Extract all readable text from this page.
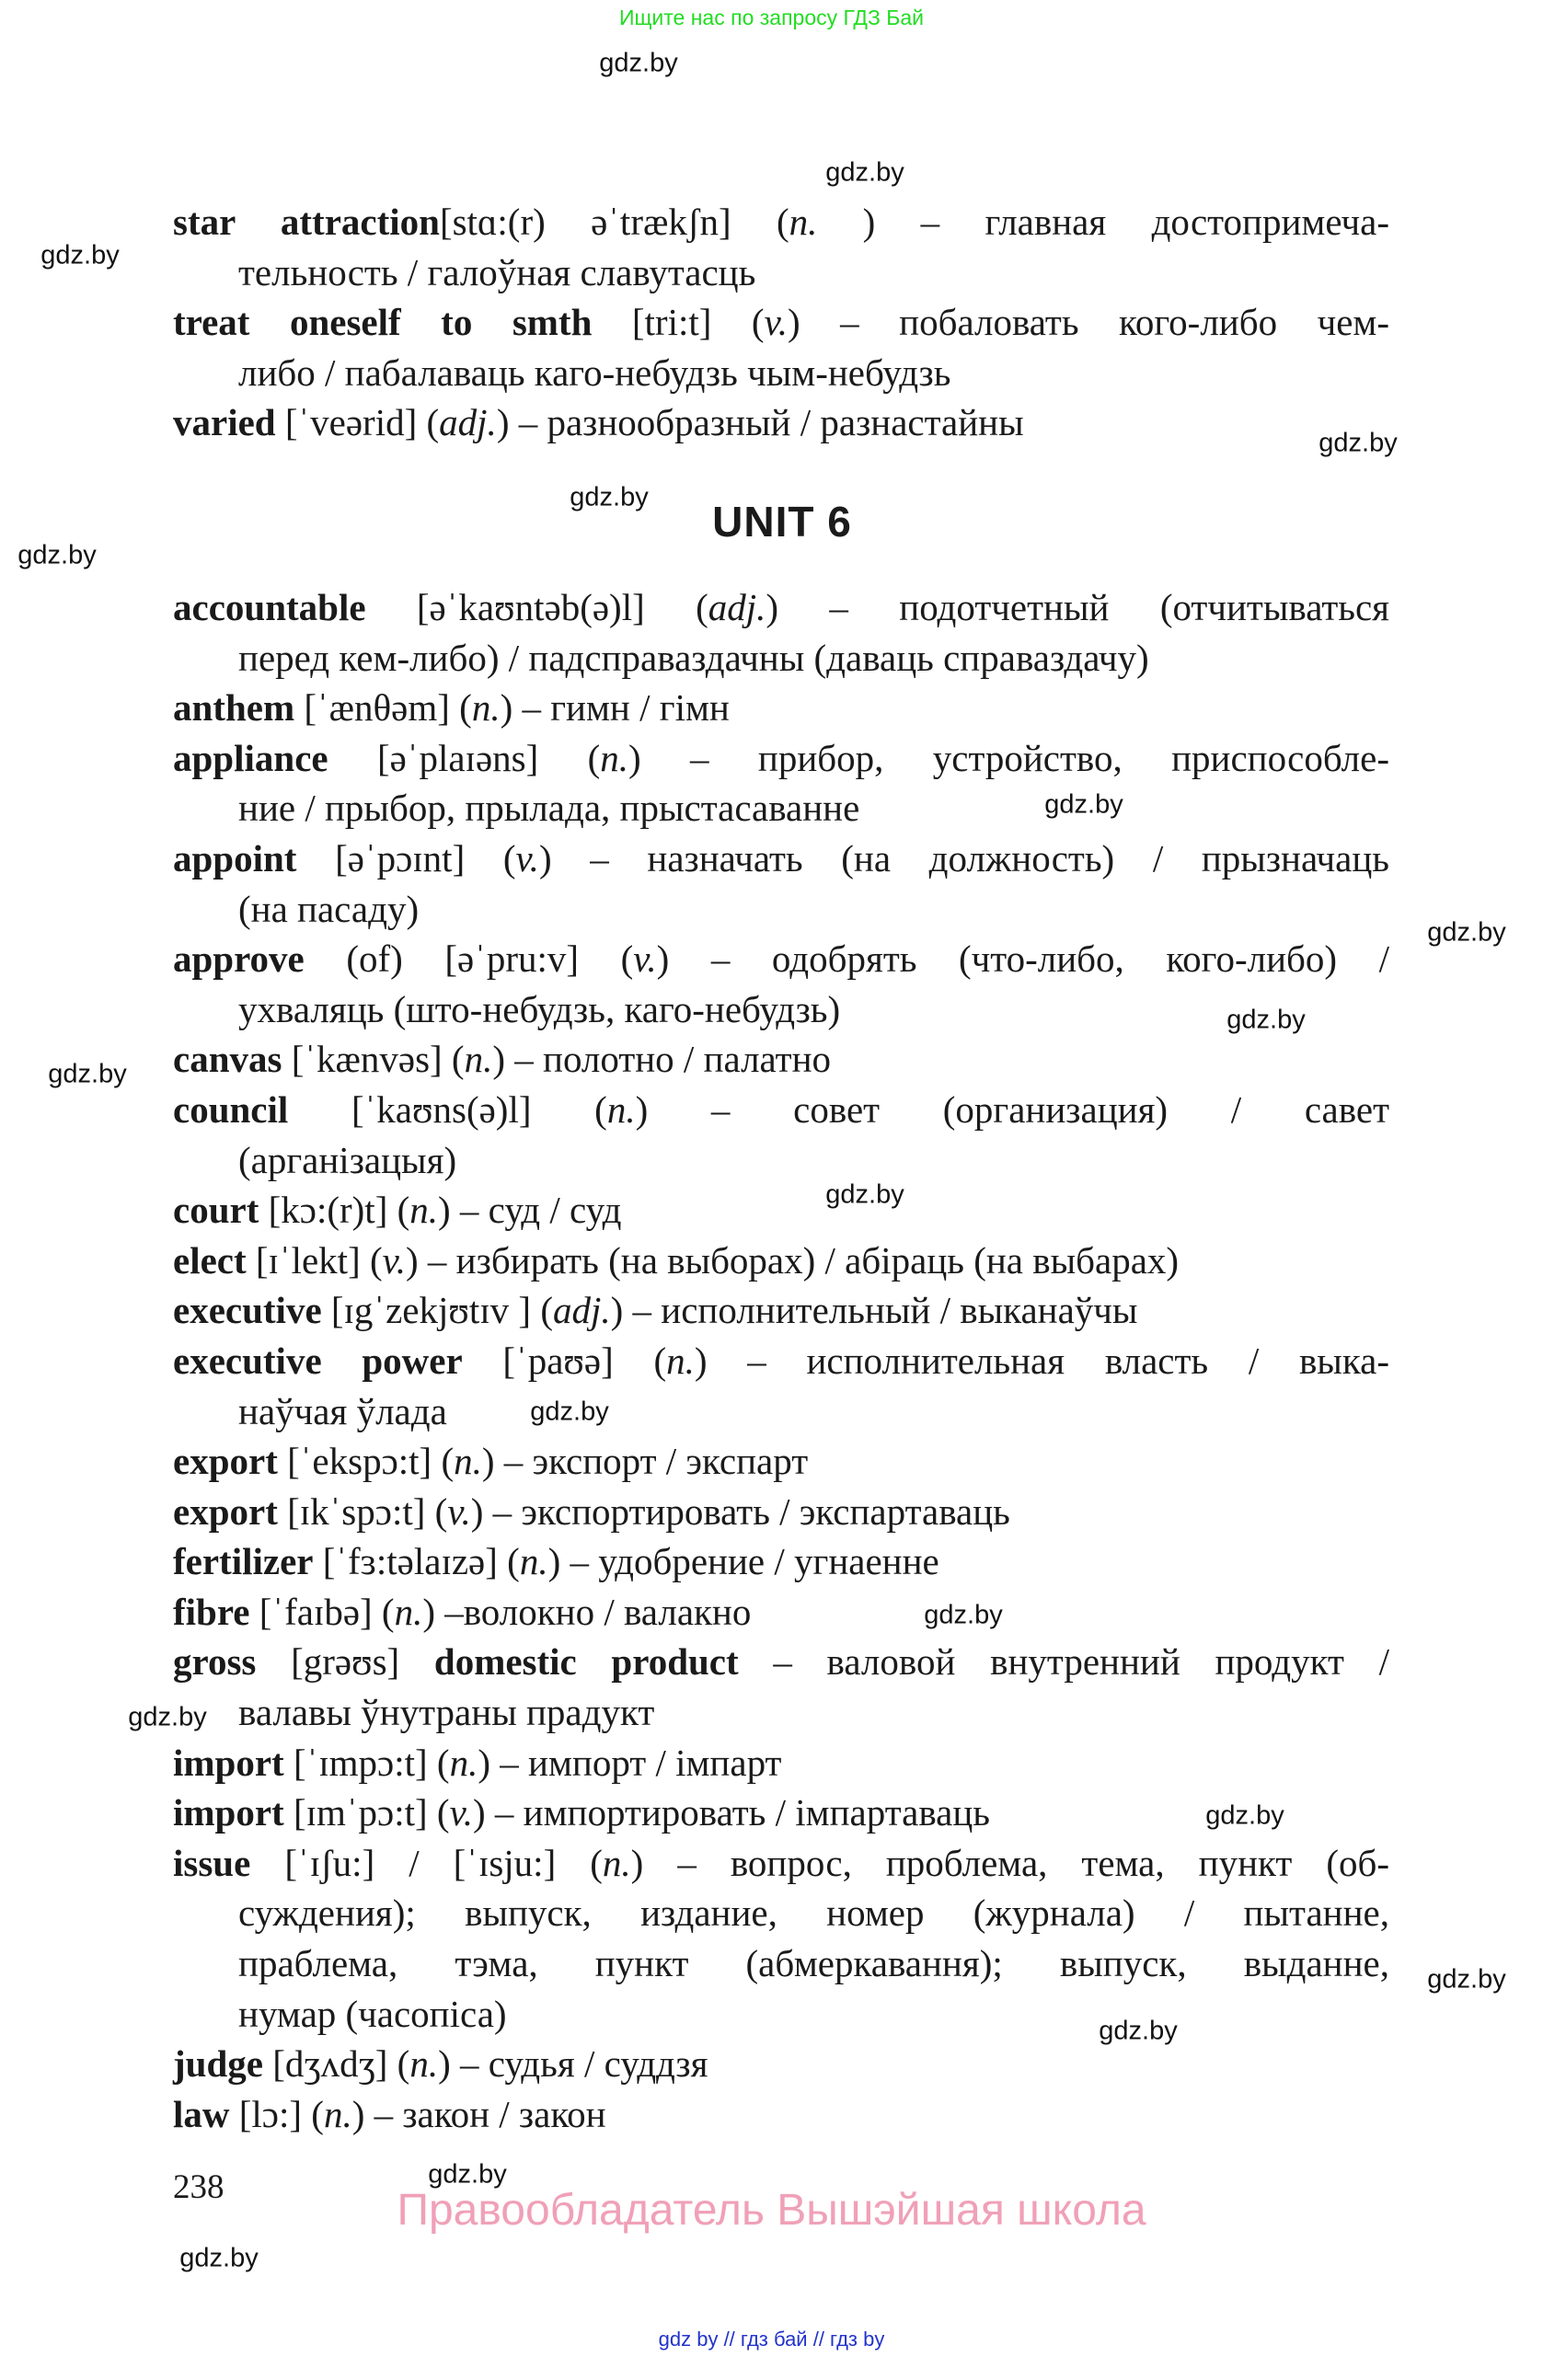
Ищите нас по запросу ГДЗ Бай
star attraction[stɑ:(r) əˈtrækʃn] (n. ) – главная достопримеча-
тельность / галоўная славутасць
treat oneself to smth [tri:t] (v.) – побаловать кого-либо чем-
либо / пабалаваць каго-небудзь чым-небудзь
varied [ˈveərid] (adj.) – разнообразный / разнастайны
UNIT 6
accountable [əˈkaʊntəb(ə)l] (adj.) – подотчетный (отчитываться
перед кем-либо) / падсправаздачны (даваць справаздачу)
anthem [ˈænθəm] (n.) – гимн / гімн
appliance [əˈplaɪəns] (n.) – прибор, устройство, приспособле-
ние / прыбор, прылада, прыстасаванне
appoint [əˈpɔɪnt] (v.) – назначать (на должность) / прызначаць
(на пасаду)
approve (of) [əˈpru:v] (v.) – одобрять (что-либо, кого-либо) /
ухваляць (што-небудзь, каго-небудзь)
canvas [ˈkænvəs] (n.) – полотно / палатно
council [ˈkaʊns(ə)l] (n.) – совет (организация) / савет
(арганізацыя)
court [kɔ:(r)t] (n.) – суд / суд
elect [ɪˈlekt] (v.) – избирать (на выборах) / абіраць (на выбарах)
executive [ɪgˈzekjʊtɪv ] (adj.) – исполнительный / выканаўчы
executive power [ˈpaʊə] (n.) – исполнительная власть / выка-
наўчая ўлада
export [ˈekspɔ:t] (n.) – экспорт / экспарт
export [ɪkˈspɔ:t] (v.) – экспортировать / экспартаваць
fertilizer [ˈfɜ:təlaɪzə] (n.) – удобрение / угнаенне
fibre [ˈfaɪbə] (n.) –волокно / валакно
gross [grəʊs] domestic product – валовой внутренний продукт /
валавы ўнутраны прадукт
import [ˈɪmpɔ:t] (n.) – импорт / імпарт
import [ɪmˈpɔ:t] (v.) – импортировать / імпартаваць
issue [ˈɪʃu:] / [ˈɪsju:] (n.) – вопрос, проблема, тема, пункт (об-
суждения); выпуск, издание, номер (журнала) / пытанне,
праблема, тэма, пункт (абмеркавання); выпуск, выданне,
нумар (часопіса)
judge [dʒʌdʒ] (n.) – судья / суддзя
law [lɔ:] (n.) – закон / закон
238	Правообладатель Вышэйшая школа
gdz by // гдз бай // гдз by
gdz.by
gdz.by
gdz.by
gdz.by
gdz.by
gdz.by
gdz.by
gdz.by
gdz.by
gdz.by
gdz.by
gdz.by
gdz.by
gdz.by
gdz.by
gdz.by
gdz.by
gdz.by
gdz.by
